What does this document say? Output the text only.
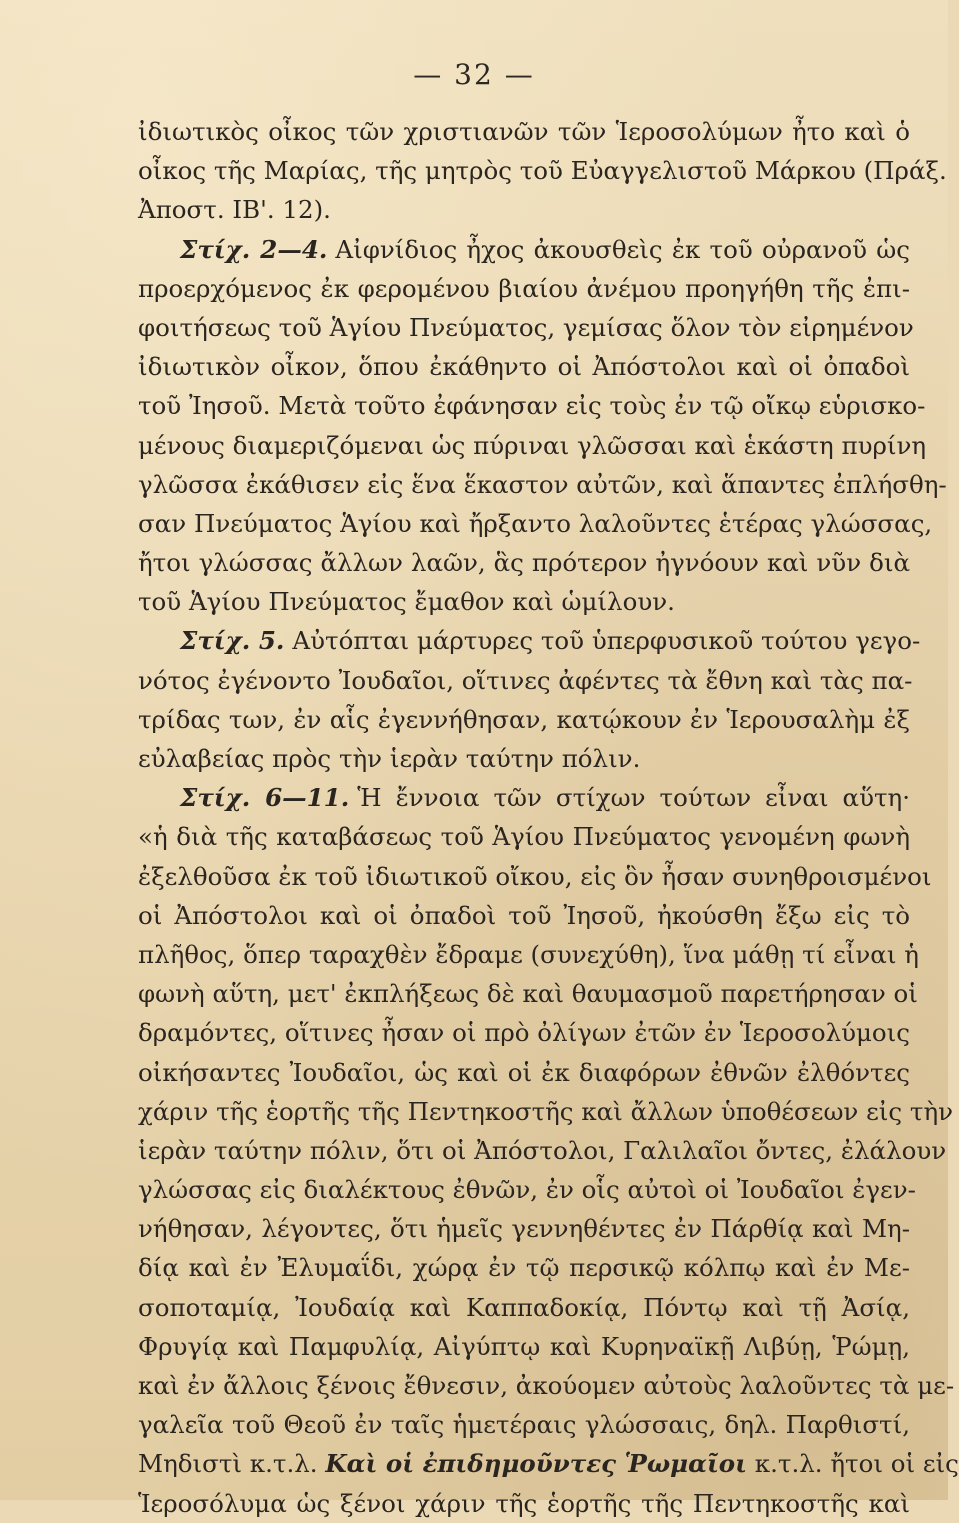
— 32 —
ἰδιωτικὸς οἶκος τῶν χριστιανῶν τῶν Ἱεροσολύμων ἦτο καὶ ὁ
οἶκος τῆς Μαρίας, τῆς μητρὸς τοῦ Εὐαγγελιστοῦ Μάρκου (Πράξ.
Ἀποστ. ΙΒ'. 12).
Στίχ. 2—4. Αἰφνίδιος ἦχος ἀκουσθεὶς ἐκ τοῦ οὐρανοῦ ὡς
προερχόμενος ἐκ φερομένου βιαίου ἀνέμου προηγήθη τῆς ἐπι-
φοιτήσεως τοῦ Ἁγίου Πνεύματος, γεμίσας ὅλον τὸν εἰρημένον
ἰδιωτικὸν οἶκον, ὅπου ἐκάθηντο οἱ Ἀπόστολοι καὶ οἱ ὀπαδοὶ
τοῦ Ἰησοῦ. Μετὰ τοῦτο ἐφάνησαν εἰς τοὺς ἐν τῷ οἴκῳ εὑρισκο-
μένους διαμεριζόμεναι ὡς πύριναι γλῶσσαι καὶ ἑκάστη πυρίνη
γλῶσσα ἐκάθισεν εἰς ἕνα ἕκαστον αὐτῶν, καὶ ἅπαντες ἐπλήσθη-
σαν Πνεύματος Ἁγίου καὶ ἤρξαντο λαλοῦντες ἑτέρας γλώσσας,
ἤτοι γλώσσας ἄλλων λαῶν, ἃς πρότερον ἠγνόουν καὶ νῦν διὰ
τοῦ Ἁγίου Πνεύματος ἔμαθον καὶ ὡμίλουν.
Στίχ. 5. Αὐτόπται μάρτυρες τοῦ ὑπερφυσικοῦ τούτου γεγο-
νότος ἐγένοντο Ἰουδαῖοι, οἵτινες ἀφέντες τὰ ἔθνη καὶ τὰς πα-
τρίδας των, ἐν αἷς ἐγεννήθησαν, κατῴκουν ἐν Ἱερουσαλὴμ ἐξ
εὐλαβείας πρὸς τὴν ἱερὰν ταύτην πόλιν.
Στίχ. 6—11. Ἡ ἔννοια τῶν στίχων τούτων εἶναι αὕτη·
«ἡ διὰ τῆς καταβάσεως τοῦ Ἁγίου Πνεύματος γενομένη φωνὴ
ἐξελθοῦσα ἐκ τοῦ ἰδιωτικοῦ οἴκου, εἰς ὃν ἦσαν συνηθροισμένοι
οἱ Ἀπόστολοι καὶ οἱ ὀπαδοὶ τοῦ Ἰησοῦ, ἠκούσθη ἔξω εἰς τὸ
πλῆθος, ὅπερ ταραχθὲν ἔδραμε (συνεχύθη), ἵνα μάθῃ τί εἶναι ἡ
φωνὴ αὕτη, μετ' ἐκπλήξεως δὲ καὶ θαυμασμοῦ παρετήρησαν οἱ
δραμόντες, οἵτινες ἦσαν οἱ πρὸ ὀλίγων ἐτῶν ἐν Ἱεροσολύμοις
οἰκήσαντες Ἰουδαῖοι, ὡς καὶ οἱ ἐκ διαφόρων ἐθνῶν ἐλθόντες
χάριν τῆς ἑορτῆς τῆς Πεντηκοστῆς καὶ ἄλλων ὑποθέσεων εἰς τὴν
ἱερὰν ταύτην πόλιν, ὅτι οἱ Ἀπόστολοι, Γαλιλαῖοι ὄντες, ἐλάλουν
γλώσσας εἰς διαλέκτους ἐθνῶν, ἐν οἷς αὐτοὶ οἱ Ἰουδαῖοι ἐγεν-
νήθησαν, λέγοντες, ὅτι ἡμεῖς γεννηθέντες ἐν Πάρθίᾳ καὶ Μη-
δίᾳ καὶ ἐν Ἐλυμαΐδι, χώρᾳ ἐν τῷ περσικῷ κόλπῳ καὶ ἐν Με-
σοποταμίᾳ, Ἰουδαίᾳ καὶ Καππαδοκίᾳ, Πόντῳ καὶ τῇ Ἀσίᾳ,
Φρυγίᾳ καὶ Παμφυλίᾳ, Αἰγύπτῳ καὶ Κυρηναϊκῇ Λιβύῃ, Ῥώμῃ,
καὶ ἐν ἄλλοις ξένοις ἔθνεσιν, ἀκούομεν αὐτοὺς λαλοῦντες τὰ με-
γαλεῖα τοῦ Θεοῦ ἐν ταῖς ἡμετέραις γλώσσαις, δηλ. Παρθιστί,
Μηδιστὶ κ.τ.λ. Καὶ οἱ ἐπιδημοῦντες Ῥωμαῖοι κ.τ.λ. ἤτοι οἱ εἰς
Ἱεροσόλυμα ὡς ξένοι χάριν τῆς ἑορτῆς τῆς Πεντηκοστῆς καὶ
